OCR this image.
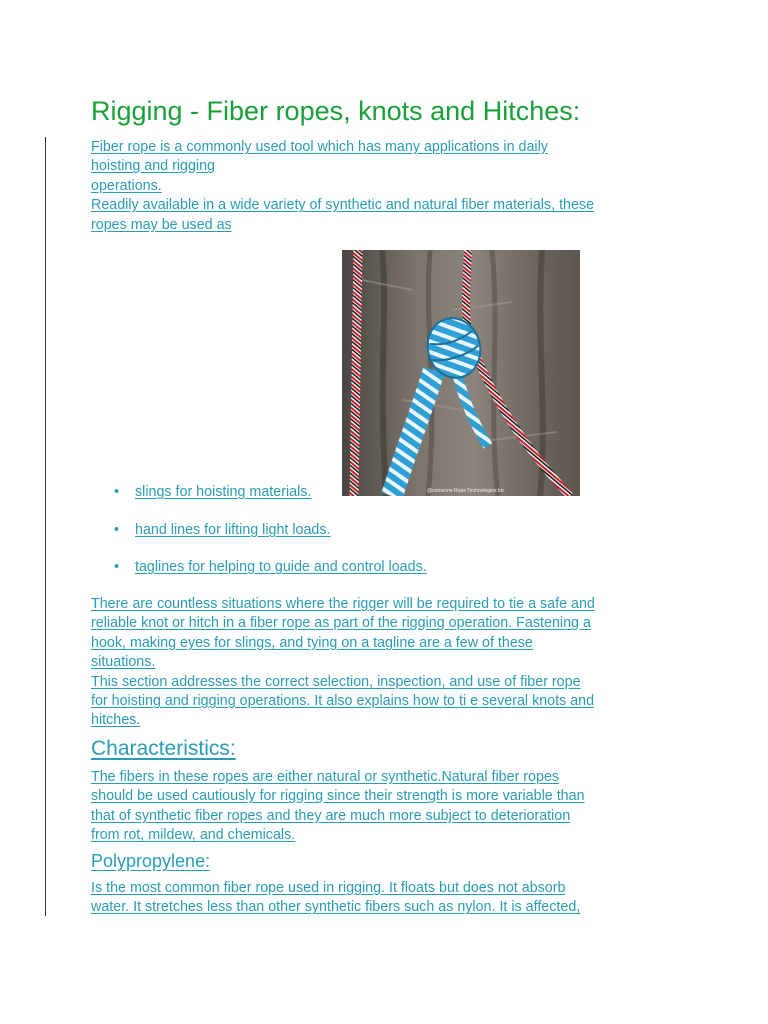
Rigging - Fiber ropes, knots and Hitches:

Fiber rope is a commonly used tool which has many applications in daily
hoisting and rigging
operations.
Readily available in a wide variety of synthetic and natural fiber materials, these
ropes may be used as

@someone Rope Technologies Inc
• slings for hoisting materials.
• hand lines for lifting light loads.
• taglines for helping to guide and control loads.

There are countless situations where the rigger will be required to tie a safe and
reliable knot or hitch in a fiber rope as part of the rigging operation. Fastening a
hook, making eyes for slings, and tying on a tagline are a few of these
situations.
This section addresses the correct selection, inspection, and use of fiber rope
for hoisting and rigging operations. It also explains how to ti e several knots and
hitches.

Characteristics:

The fibers in these ropes are either natural or synthetic.Natural fiber ropes
should be used cautiously for rigging since their strength is more variable than
that of synthetic fiber ropes and they are much more subject to deterioration
from rot, mildew, and chemicals.

Polypropylene:

Is the most common fiber rope used in rigging. It floats but does not absorb
water. It stretches less than other synthetic fibers such as nylon. It is affected,
